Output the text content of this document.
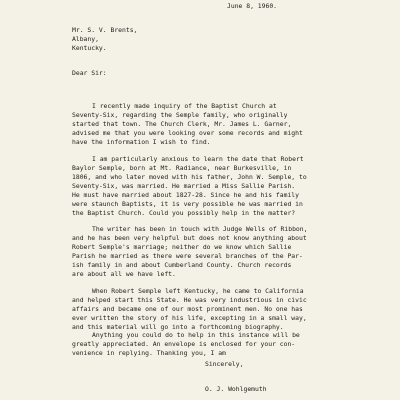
June 8, 1960.
Mr. S. V. Brents,
Albany,
Kentucky.
Dear Sir:
I recently made inquiry of the Baptist Church at
Seventy-Six, regarding the Semple family, who originally
started that town. The Church Clerk, Mr. James L. Garner,
advised me that you were looking over some records and might
have the information I wish to find.
I am particularly anxious to learn the date that Robert
Baylor Semple, born at Mt. Radiance, near Burkesville, in
1806, and who later moved with his father, John W. Semple, to
Seventy-Six, was married. He married a Miss Sallie Parish.
He must have married about 1827-28. Since he and his family
were staunch Baptists, it is very possible he was married in
the Baptist Church. Could you possibly help in the matter?
The writer has been in touch with Judge Wells of Ribbon,
and he has been very helpful but does not know anything about
Robert Semple's marriage; neither do we know which Sallie
Parish he married as there were several branches of the Par-
ish family in and about Cumberland County. Church records
are about all we have left.
When Robert Semple left Kentucky, he came to California
and helped start this State. He was very industrious in civic
affairs and became one of our most prominent men. No one has
ever written the story of his life, excepting in a small way,
and this material will go into a forthcoming biography.
Anything you could do to help in this instance will be
greatly appreciated. An envelope is enclosed for your con-
venience in replying. Thanking you, I am
Sincerely,
O. J. Wohlgemuth
